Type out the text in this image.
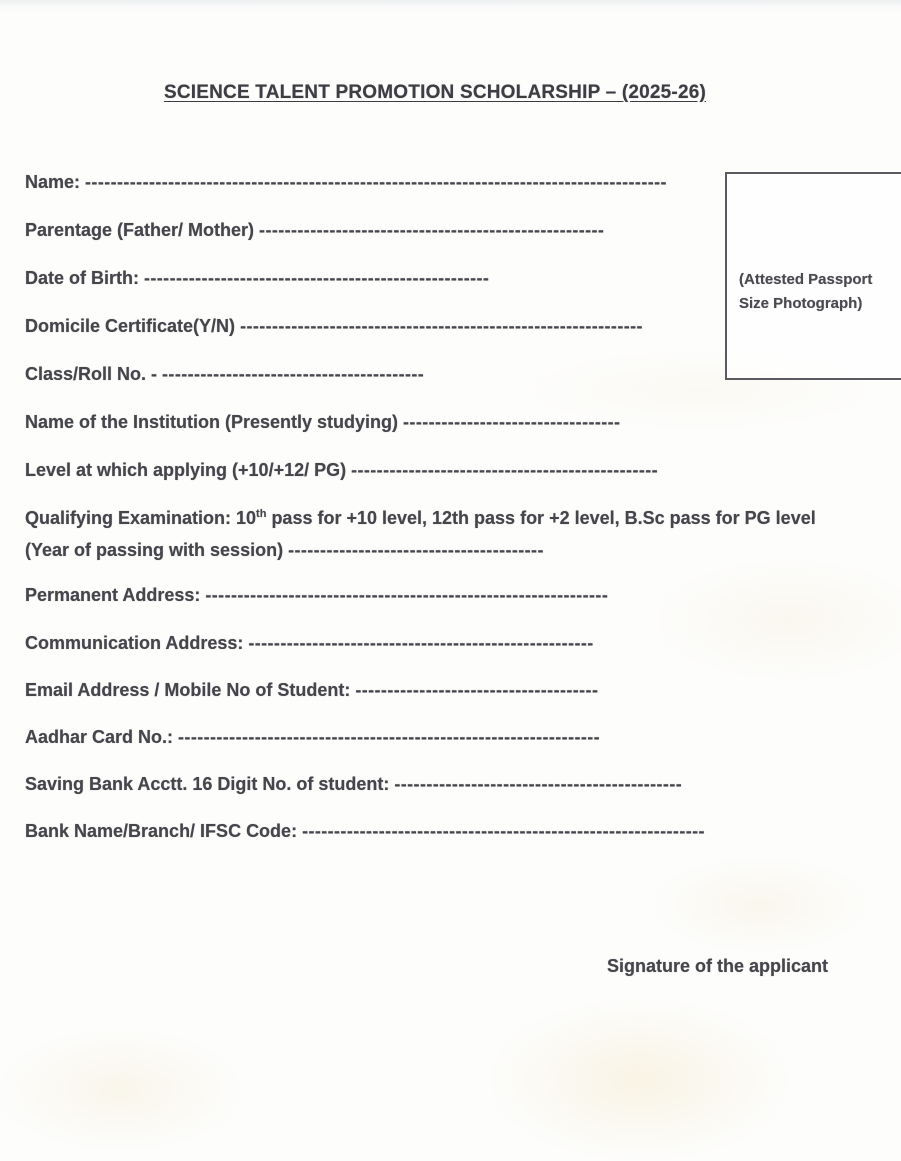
SCIENCE TALENT PROMOTION SCHOLARSHIP – (2025-26)
(Attested Passport
Size Photograph)
Name: -------------------------------------------------------------------------------------------
Parentage (Father/ Mother) ------------------------------------------------------
Date of Birth: ------------------------------------------------------
Domicile Certificate(Y/N) ---------------------------------------------------------------
Class/Roll No. - -----------------------------------------
Name of the Institution (Presently studying) ----------------------------------
Level at which applying (+10/+12/ PG) ------------------------------------------------
Qualifying Examination: 10th pass for +10 level, 12th pass for +2 level, B.Sc pass for PG level
(Year of passing with session) ----------------------------------------
Permanent Address: ---------------------------------------------------------------
Communication Address: ------------------------------------------------------
Email Address / Mobile No of Student: --------------------------------------
Aadhar Card No.: ------------------------------------------------------------------
Saving Bank Acctt. 16 Digit No. of student: ---------------------------------------------
Bank Name/Branch/ IFSC Code: ---------------------------------------------------------------
Signature of the applicant
